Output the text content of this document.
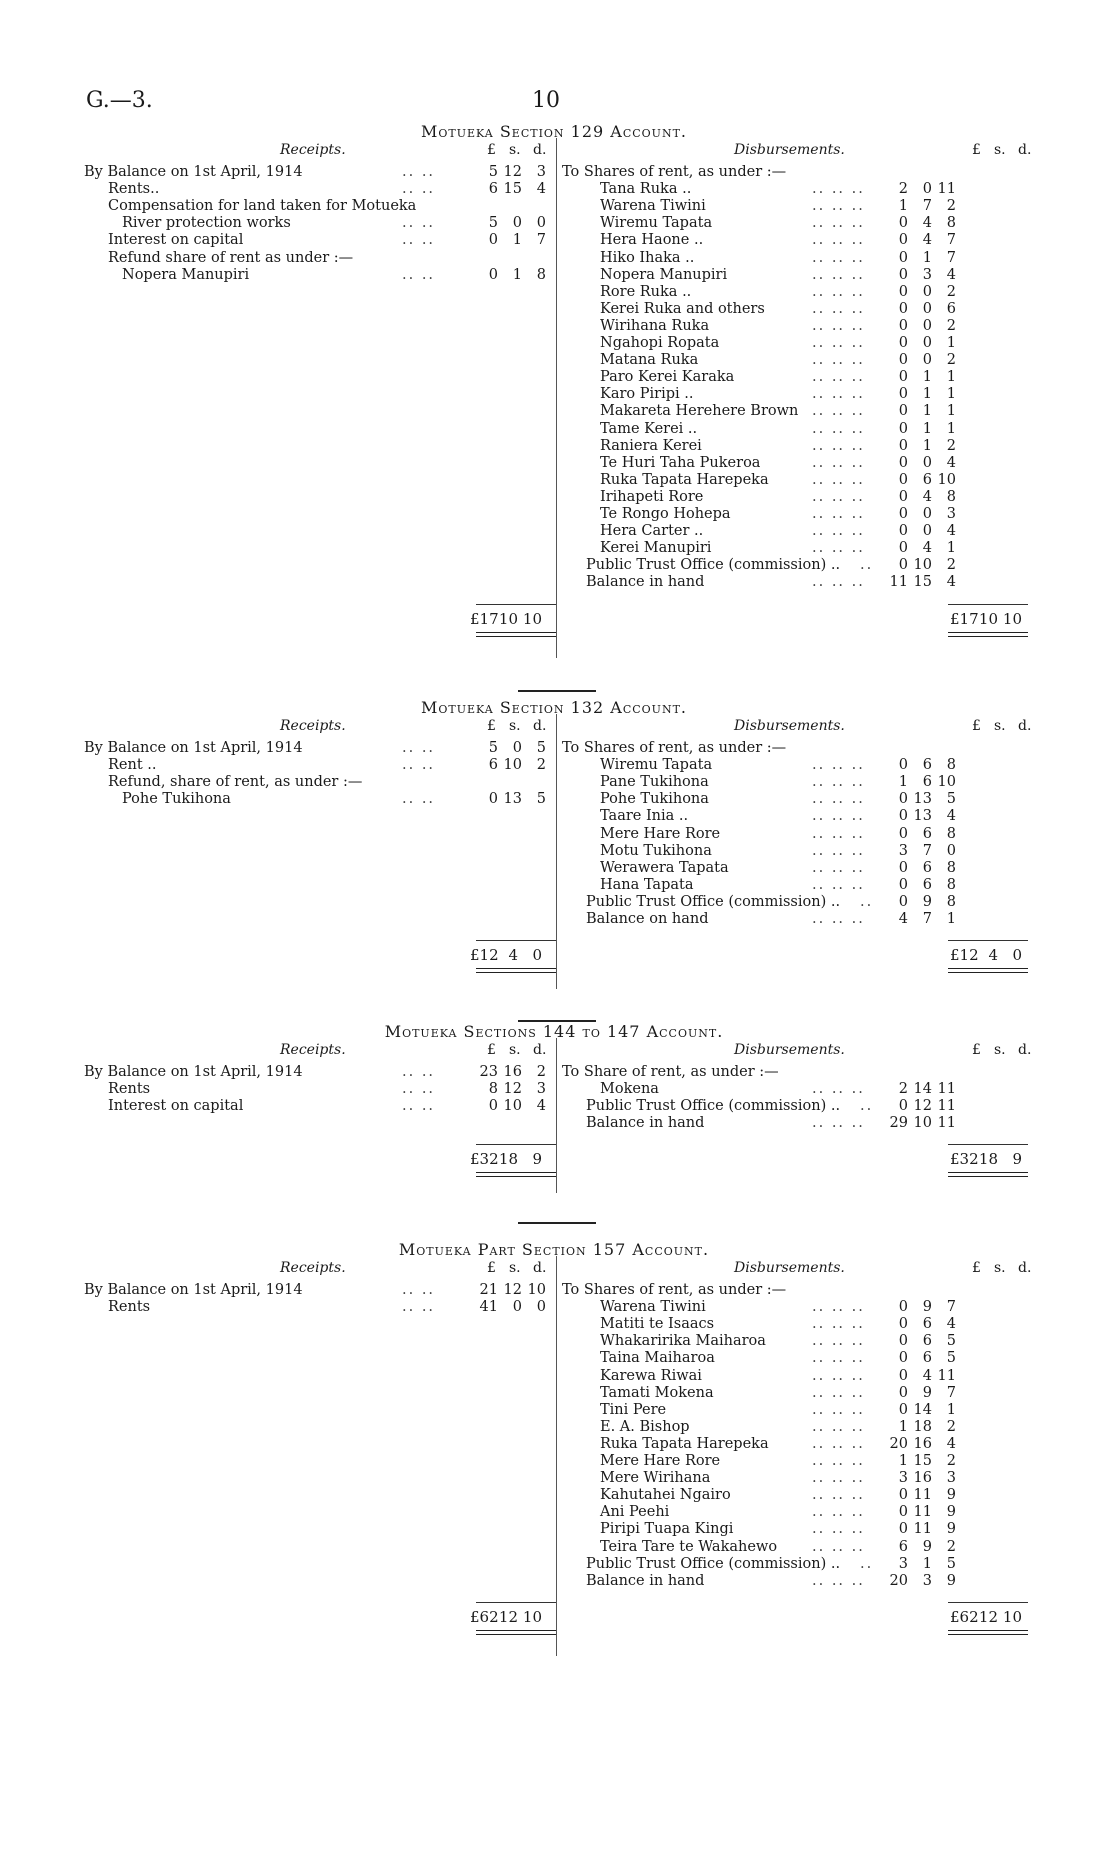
G.—3.	10
Motueka Section 129 Account.
Receipts.	Disbursements.
£ s. d.	£ s. d.
By Balance on 1st April, 1914	.. ..	5 12 3
Rents..	.. ..	6 15 4
Compensation for land taken for Motueka
River protection works	.. ..	5 0 0
Interest on capital	.. ..	0 1 7
Refund share of rent as under :—
Nopera Manupiri	.. ..	0 1 8
To Shares of rent, as under :—
Tana Ruka ..	.. .. ..	2 0 11
Warena Tiwini	.. .. ..	1 7 2
Wiremu Tapata	.. .. ..	0 4 8
Hera Haone ..	.. .. ..	0 4 7
Hiko Ihaka ..	.. .. ..	0 1 7
Nopera Manupiri	.. .. ..	0 3 4
Rore Ruka ..	.. .. ..	0 0 2
Kerei Ruka and others	.. .. ..	0 0 6
Wirihana Ruka	.. .. ..	0 0 2
Ngahopi Ropata	.. .. ..	0 0 1
Matana Ruka	.. .. ..	0 0 2
Paro Kerei Karaka	.. .. ..	0 1 1
Karo Piripi ..	.. .. ..	0 1 1
Makareta Herehere Brown .. .. ..	0 1 1
Tame Kerei ..	.. .. ..	0 1 1
Raniera Kerei	.. .. ..	0 1 2
Te Huri Taha Pukeroa	.. .. ..	0 0 4
Ruka Tapata Harepeka	.. .. ..	0 6 10
Irihapeti Rore	.. .. ..	0 4 8
Te Rongo Hohepa	.. .. ..	0 0 3
Hera Carter ..	.. .. ..	0 0 4
Kerei Manupiri	.. .. ..	0 4 1
Public Trust Office (commission) .. ..	0 10 2
Balance in hand	.. .. ..	11 15 4
£1710 10	£1710 10
Motueka Section 132 Account.
Receipts.	Disbursements.
£ s. d.	£ s. d.
By Balance on 1st April, 1914	.. ..	5 0 5
Rent ..	.. ..	6 10 2
Refund, share of rent, as under :—
Pohe Tukihona	.. ..	0 13 5
To Shares of rent, as under :—
Wiremu Tapata	.. .. ..	0 6 8
Pane Tukihona	.. .. ..	1 6 10
Pohe Tukihona	.. .. ..	0 13 5
Taare Inia ..	.. .. ..	0 13 4
Mere Hare Rore	.. .. ..	0 6 8
Motu Tukihona	.. .. ..	3 7 0
Werawera Tapata	.. .. ..	0 6 8
Hana Tapata	.. .. ..	0 6 8
Public Trust Office (commission) .. ..	0 9 8
Balance on hand	.. .. ..	4 7 1
£12 4 0	£12 4 0
Motueka Sections 144 to 147 Account.
Receipts.	Disbursements.
£ s. d.	£ s. d.
By Balance on 1st April, 1914	.. ..	23 16 2
Rents	.. ..	8 12 3
Interest on capital	.. ..	0 10 4
To Share of rent, as under :—
Mokena	.. .. ..	2 14 11
Public Trust Office (commission) .. ..	0 12 11
Balance in hand	.. .. ..	29 10 11
£3218 9	£3218 9
Motueka Part Section 157 Account.
Receipts.	Disbursements.
£ s. d.	£ s. d.
By Balance on 1st April, 1914	.. ..	21 12 10
Rents	.. ..	41 0 0
To Shares of rent, as under :—
Warena Tiwini	.. .. ..	0 9 7
Matiti te Isaacs	.. .. ..	0 6 4
Whakaririka Maiharoa	.. .. ..	0 6 5
Taina Maiharoa	.. .. ..	0 6 5
Karewa Riwai	.. .. ..	0 4 11
Tamati Mokena	.. .. ..	0 9 7
Tini Pere	.. .. ..	0 14 1
E. A. Bishop	.. .. ..	1 18 2
Ruka Tapata Harepeka	.. .. ..	20 16 4
Mere Hare Rore	.. .. ..	1 15 2
Mere Wirihana	.. .. ..	3 16 3
Kahutahei Ngairo	.. .. ..	0 11 9
Ani Peehi	.. .. ..	0 11 9
Piripi Tuapa Kingi	.. .. ..	0 11 9
Teira Tare te Wakahewo .. .. ..	6 9 2
Public Trust Office (commission) .. ..	3 1 5
Balance in hand	.. .. ..	20 3 9
£6212 10	£6212 10
